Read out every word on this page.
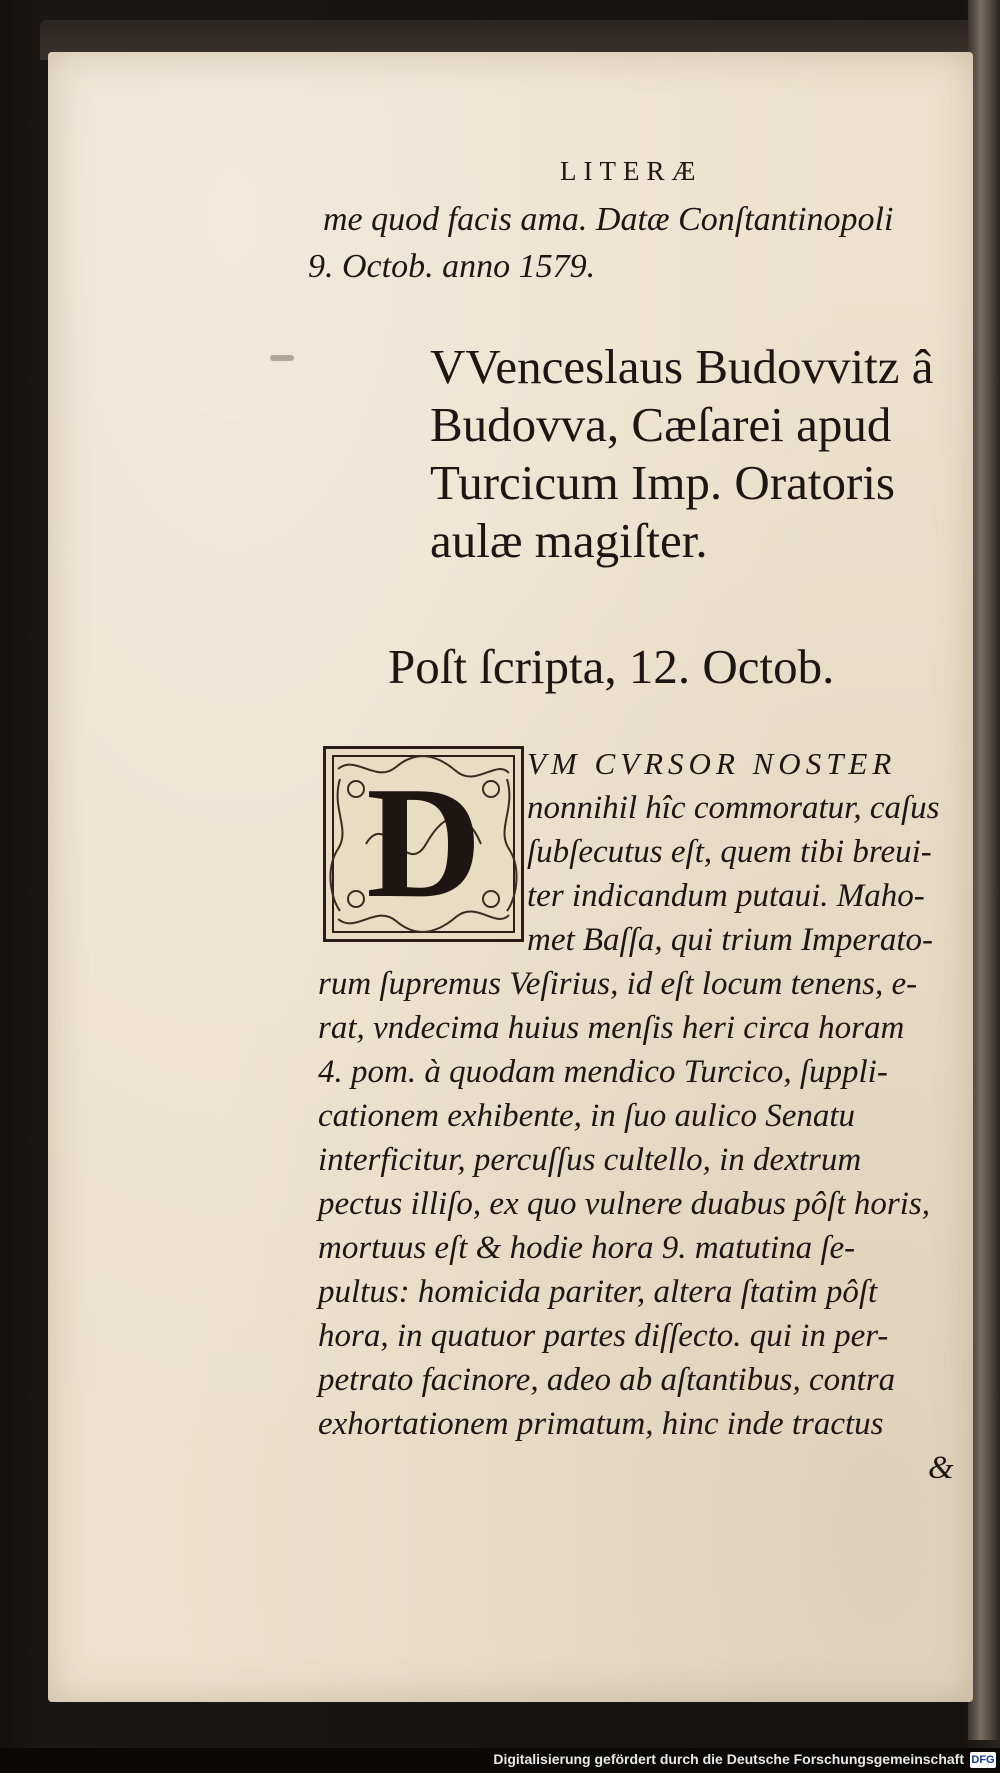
LITERÆ
me quod facis ama. Datæ Conſtantinopoli
9. Octob. anno 1579.
VVenceslaus Budovvitz â
Budovva, Cæſarei apud
Turcicum Imp. Oratoris
aulæ magiſter.
Poſt ſcripta, 12. Octob.
D	VM CVRSOR NOSTER
nonnihil hîc commoratur, caſus
ſubſecutus eſt, quem tibi breui-
ter indicandum putaui. Maho-
met Baſſa, qui trium Imperato-
rum ſupremus Veſirius, id eſt locum tenens, e-
rat, vndecima huius menſis heri circa horam
4. pom. à quodam mendico Turcico, ſuppli-
cationem exhibente, in ſuo aulico Senatu
interficitur, percuſſus cultello, in dextrum
pectus illiſo, ex quo vulnere duabus pôſt horis,
mortuus eſt & hodie hora 9. matutina ſe-
pultus: homicida pariter, altera ſtatim pôſt
hora, in quatuor partes diſſecto. qui in per-
petrato facinore, adeo ab aſtantibus, contra
exhortationem primatum, hinc inde tractus
&
Digitalisierung gefördert durch die Deutsche Forschungsgemeinschaft DFG
